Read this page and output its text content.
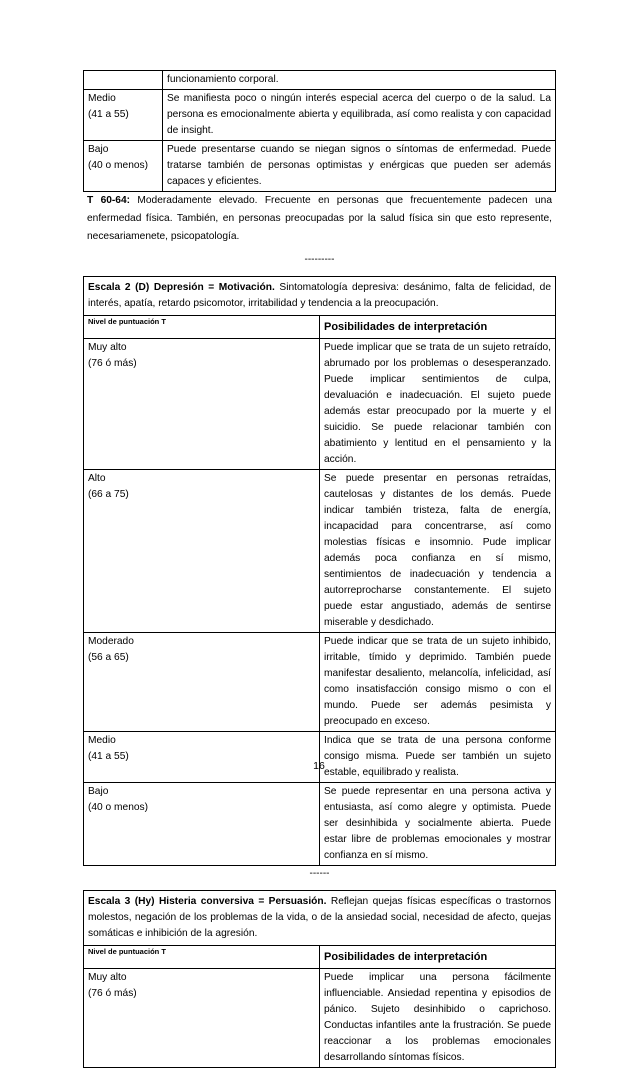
	funcionamiento corporal.
Medio
(41 a 55)	Se manifiesta poco o ningún interés especial acerca del cuerpo o de la salud. La persona es emocionalmente abierta y equilibrada, así como realista y con capacidad de insight.
Bajo
(40 o menos)	Puede presentarse cuando se niegan signos o síntomas de enfermedad. Puede tratarse también de personas optimistas y enérgicas que pueden ser además capaces y eficientes.
T 60-64: Moderadamente elevado. Frecuente en personas que frecuentemente padecen una enfermedad física. También, en personas preocupadas por la salud física sin que esto represente, necesariamenete, psicopatología.
---------
Escala 2 (D) Depresión = Motivación. Sintomatología depresiva: desánimo, falta de felicidad, de interés, apatía, retardo psicomotor, irritabilidad y tendencia a la preocupación.	

Nivel de puntuación T	Posibilidades de interpretación

Muy alto
(76 ó más)	Puede implicar que se trata de un sujeto retraído, abrumado por los problemas o desesperanzado. Puede implicar sentimientos de culpa, devaluación e inadecuación. El sujeto puede además estar preocupado por la muerte y el suicidio. Se puede relacionar también con abatimiento y lentitud en el pensamiento y la acción.
Alto
(66 a 75)	Se puede presentar en personas retraídas, cautelosas y distantes de los demás. Puede indicar también tristeza, falta de energía, incapacidad para concentrarse, así como molestias físicas e insomnio. Pude implicar además poca confianza en sí mismo, sentimientos de inadecuación y tendencia a autorreprocharse constantemente. El sujeto puede estar angustiado, además de sentirse miserable y desdichado.
Moderado
(56 a 65)	Puede indicar que se trata de un sujeto inhibido, irritable, tímido y deprimido. También puede manifestar desaliento, melancolía, infelicidad, así como insatisfacción consigo mismo o con el mundo. Puede ser además pesimista y preocupado en exceso.
Medio
(41 a 55)	Indica que se trata de una persona conforme consigo misma. Puede ser también un sujeto estable, equilibrado y realista.
Bajo
(40 o menos)	Se puede representar en una persona activa y entusiasta, así como alegre y optimista. Puede ser desinhibida y socialmente abierta. Puede estar libre de problemas emocionales y mostrar confianza en sí mismo.
------
Escala 3 (Hy) Histeria conversiva = Persuasión. Reflejan quejas físicas específicas o trastornos molestos, negación de los problemas de la vida, o de la ansiedad social, necesidad de afecto, quejas somáticas e inhibición de la agresión.	

Nivel de puntuación T	Posibilidades de interpretación

Muy alto
(76 ó más)	Puede implicar una persona fácilmente influenciable. Ansiedad repentina y episodios de pánico. Sujeto desinhibido o caprichoso. Conductas infantiles ante la frustración. Se puede reaccionar a los problemas emocionales desarrollando síntomas físicos.
16
